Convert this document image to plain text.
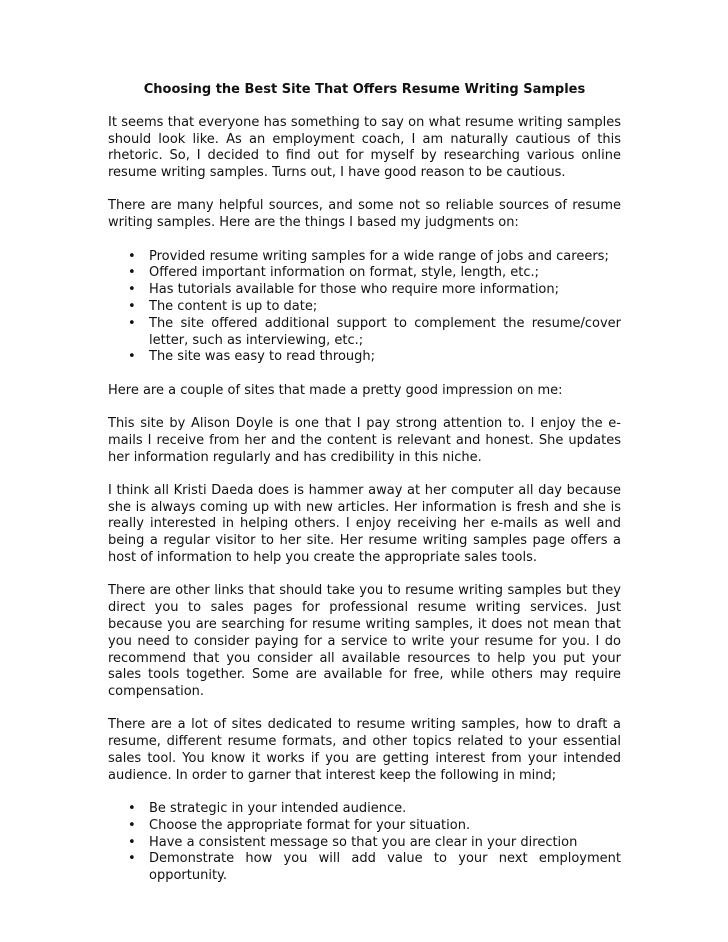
Choosing the Best Site That Offers Resume Writing Samples

It seems that everyone has something to say on what resume writing samples should look like. As an employment coach, I am naturally cautious of this rhetoric. So, I decided to find out for myself by researching various online resume writing samples. Turns out, I have good reason to be cautious.

There are many helpful sources, and some not so reliable sources of resume writing samples. Here are the things I based my judgments on:

• Provided resume writing samples for a wide range of jobs and careers;
• Offered important information on format, style, length, etc.;
• Has tutorials available for those who require more information;
• The content is up to date;
• The site offered additional support to complement the resume/cover letter, such as interviewing, etc.;
• The site was easy to read through;

Here are a couple of sites that made a pretty good impression on me:

This site by Alison Doyle is one that I pay strong attention to. I enjoy the e-mails I receive from her and the content is relevant and honest. She updates her information regularly and has credibility in this niche.

I think all Kristi Daeda does is hammer away at her computer all day because she is always coming up with new articles. Her information is fresh and she is really interested in helping others. I enjoy receiving her e-mails as well and being a regular visitor to her site. Her resume writing samples page offers a host of information to help you create the appropriate sales tools.

There are other links that should take you to resume writing samples but they direct you to sales pages for professional resume writing services. Just because you are searching for resume writing samples, it does not mean that you need to consider paying for a service to write your resume for you. I do recommend that you consider all available resources to help you put your sales tools together. Some are available for free, while others may require compensation.

There are a lot of sites dedicated to resume writing samples, how to draft a resume, different resume formats, and other topics related to your essential sales tool. You know it works if you are getting interest from your intended audience. In order to garner that interest keep the following in mind;

• Be strategic in your intended audience.
• Choose the appropriate format for your situation.
• Have a consistent message so that you are clear in your direction
• Demonstrate how you will add value to your next employment opportunity.
